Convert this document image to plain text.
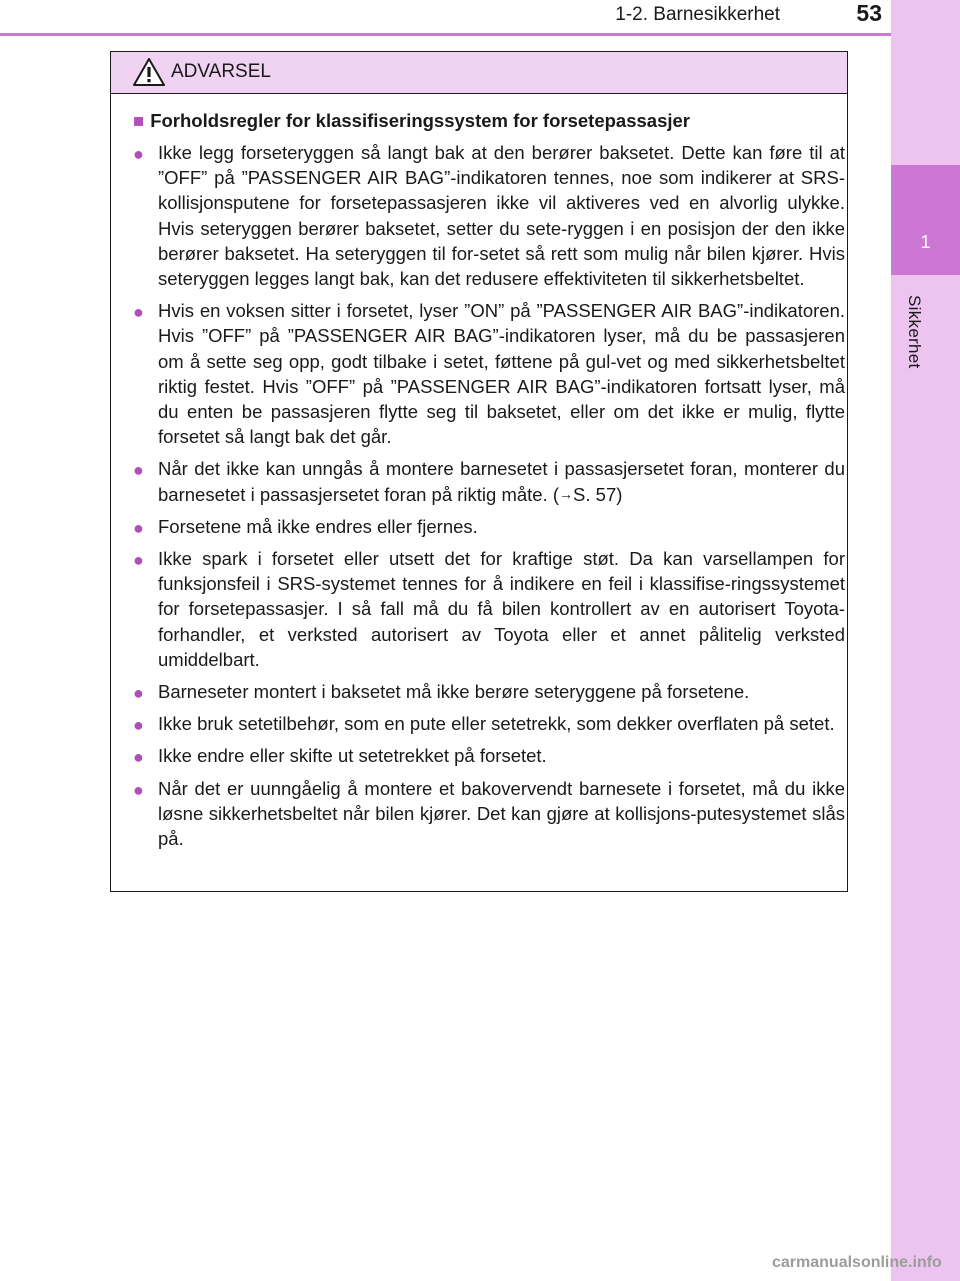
1
Sikkerhet
1-2. Barnesikkerhet	53
ADVARSEL
■ Forholdsregler for klassifiseringssystem for forsetepassasjer
● Ikke legg forseteryggen så langt bak at den berører baksetet. Dette kan føre til at ”OFF” på ”PASSENGER AIR BAG”-indikatoren tennes, noe som indikerer at SRS-kollisjonsputene for forsetepassasjeren ikke vil aktiveres ved en alvorlig ulykke. Hvis seteryggen berører baksetet, setter du sete-ryggen i en posisjon der den ikke berører baksetet. Ha seteryggen til for-setet så rett som mulig når bilen kjører. Hvis seteryggen legges langt bak, kan det redusere effektiviteten til sikkerhetsbeltet.
● Hvis en voksen sitter i forsetet, lyser ”ON” på ”PASSENGER AIR BAG”-indikatoren. Hvis ”OFF” på ”PASSENGER AIR BAG”-indikatoren lyser, må du be passasjeren om å sette seg opp, godt tilbake i setet, føttene på gul-vet og med sikkerhetsbeltet riktig festet. Hvis ”OFF” på ”PASSENGER AIR BAG”-indikatoren fortsatt lyser, må du enten be passasjeren flytte seg til baksetet, eller om det ikke er mulig, flytte forsetet så langt bak det går.
● Når det ikke kan unngås å montere barnesetet i passasjersetet foran, monterer du barnesetet i passasjersetet foran på riktig måte. (→S. 57)
● Forsetene må ikke endres eller fjernes.
● Ikke spark i forsetet eller utsett det for kraftige støt. Da kan varsellampen for funksjonsfeil i SRS-systemet tennes for å indikere en feil i klassifise-ringssystemet for forsetepassasjer. I så fall må du få bilen kontrollert av en autorisert Toyota-forhandler, et verksted autorisert av Toyota eller et annet pålitelig verksted umiddelbart.
● Barneseter montert i baksetet må ikke berøre seteryggene på forsetene.
● Ikke bruk setetilbehør, som en pute eller setetrekk, som dekker overflaten på setet.
● Ikke endre eller skifte ut setetrekket på forsetet.
● Når det er uunngåelig å montere et bakovervendt barnesete i forsetet, må du ikke løsne sikkerhetsbeltet når bilen kjører. Det kan gjøre at kollisjons-putesystemet slås på.
carmanualsonline.info
